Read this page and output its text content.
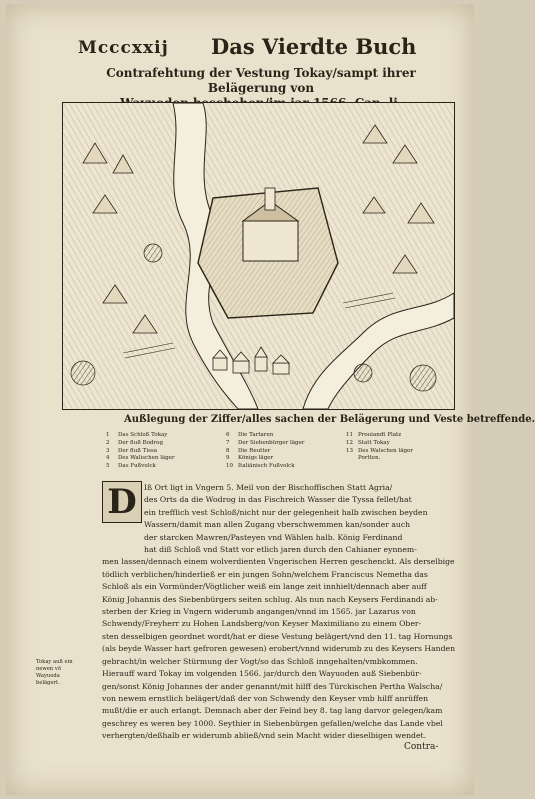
Mcccxxij Das Vierdte Buch
Contrafehtung der Vestung Tokay/sampt ihrer Belägerung von
Außlegung der Ziffer/alles sachen der Belägerung und Veste betreffende.
1 Das Schloß Tokay
2 Der fluß Bodrog
3 Der fluß Tissa
4 Des Walischen läger
5 Das Fußvolck
6 Die Tartaren
7 Der Siebenbürger läger
8 Die Reutter
9 Königs läger
10 Italiänisch Fußvolck
11 Prouiandt Platz
12 Statt Tokay
13 Des Walschen läger
Portten.
D Iß Ort ligt in Vngern 5. Meil von der Bischoffischen Statt Agria/
des Orts da die Wodrog in das Fischreich Wasser die Tyssa fellet/hat
ein trefflich vest Schloß/nicht nur der gelegenheit halb zwischen beyden
Wassern/damit man allen Zugang vberschwemmen kan/sonder auch
der starcken Mawren/Pasteyen vnd Wählen halb. König Ferdinand
hat diß Schloß vnd Statt vor etlich jaren durch den Cahianer eynnem-
men lassen/dennach einem wolverdienten Vngerischen Herren geschenckt. Als derselbige
tödlich verblichen/hinderließ er ein jungen Sohn/welchem Franciscus Nemetha das
Schloß als ein Vormünder/Vögtlicher weiß ein lange zeit innhielt/dennach aber auff
König Johannis des Siebenbürgers seiten schlug. Als nun nach Keysers Ferdinandi ab-
sterben der Krieg in Vngern widerumb angangen/vnnd im 1565. jar Lazarus von
Schwendy/Freyherr zu Hohen Landsberg/von Keyser Maximiliano zu einem Ober-
sten desselbigen geordnet wordt/hat er diese Vestung belägert/vnd den 11. tag Hornungs
(als beyde Wasser hart gefroren gewesen) erobert/vnnd widerumb zu des Keysers Handen
gebracht/in welcher Stürmung der Vogt/so das Schloß inngehalten/vmbkommen.
Hierauff ward Tokay im volgenden 1566. jar/durch den Wayuoden auß Siebenbür-
gen/sonst König Johannes der ander genannt/mit hilff des Türckischen Pertha Walscha/
von newem ernstlich belägert/daß der von Schwendy den Keyser vmb hilff anrüffen
mußt/die er auch erlangt. Demnach aber der Feind bey 8. tag lang darvor gelegen/kam
geschrey es weren bey 1000. Seythier in Siebenbürgen gefallen/welche das Lande vbel
verhergten/deßhalb er widerumb abließ/vnd sein Macht wider dieselbigen wendet.
Tokay auß ein newen vō Wayuoda belägert.
Contra-
